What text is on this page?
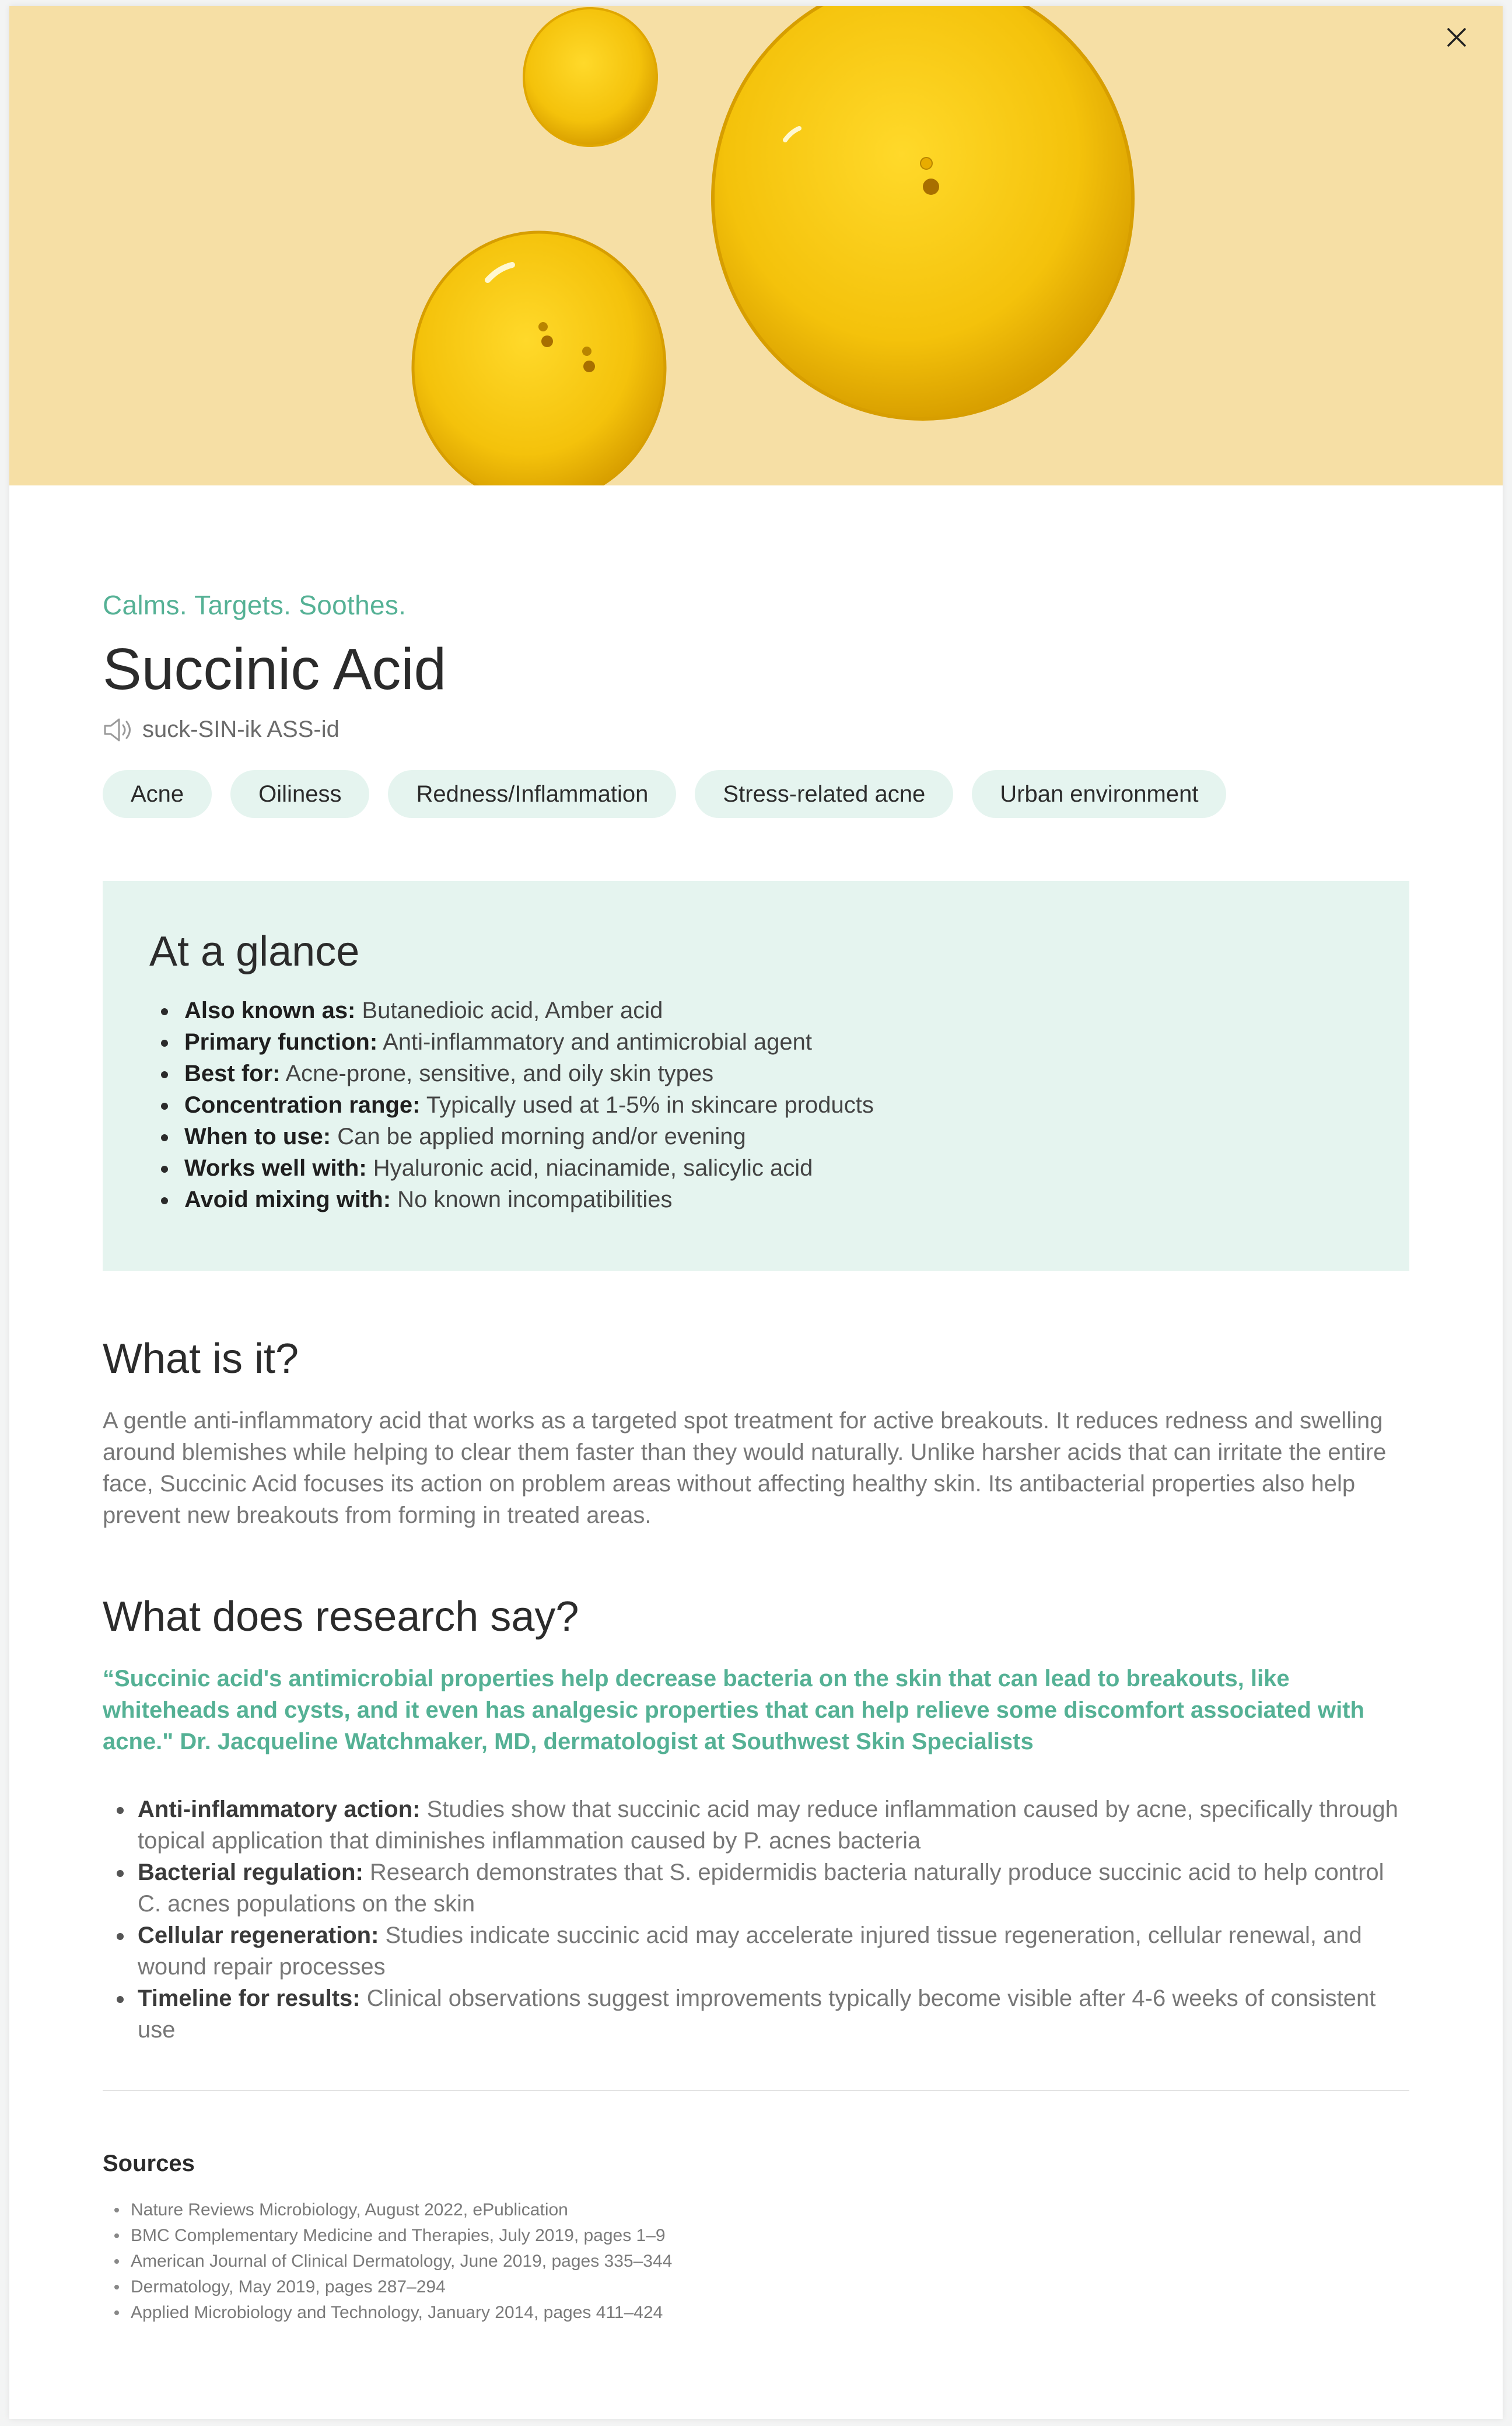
Calms. Targets. Soothes.
Succinic Acid
suck-SIN-ik ASS-id
Acne	Oiliness	Redness/Inflammation	Stress-related acne	Urban environment
At a glance
Also known as: Butanedioic acid, Amber acid
Primary function: Anti-inflammatory and antimicrobial agent
Best for: Acne-prone, sensitive, and oily skin types
Concentration range: Typically used at 1-5% in skincare products
When to use: Can be applied morning and/or evening
Works well with: Hyaluronic acid, niacinamide, salicylic acid
Avoid mixing with: No known incompatibilities
What is it?

A gentle anti-inflammatory acid that works as a targeted spot treatment for active breakouts. It reduces redness and swelling around blemishes while helping to clear them faster than they would naturally. Unlike harsher acids that can irritate the entire face, Succinic Acid focuses its action on problem areas without affecting healthy skin. Its antibacterial properties also help prevent new breakouts from forming in treated areas.

What does research say?

“Succinic acid's antimicrobial properties help decrease bacteria on the skin that can lead to breakouts, like whiteheads and cysts, and it even has analgesic properties that can help relieve some discomfort associated with acne." Dr. Jacqueline Watchmaker, MD, dermatologist at Southwest Skin Specialists

Anti-inflammatory action: Studies show that succinic acid may reduce inflammation caused by acne, specifically through topical application that diminishes inflammation caused by P. acnes bacteria
Bacterial regulation: Research demonstrates that S. epidermidis bacteria naturally produce succinic acid to help control C. acnes populations on the skin
Cellular regeneration: Studies indicate succinic acid may accelerate injured tissue regeneration, cellular renewal, and wound repair processes
Timeline for results: Clinical observations suggest improvements typically become visible after 4-6 weeks of consistent use
Sources
Nature Reviews Microbiology, August 2022, ePublication
BMC Complementary Medicine and Therapies, July 2019, pages 1–9
American Journal of Clinical Dermatology, June 2019, pages 335–344
Dermatology, May 2019, pages 287–294
Applied Microbiology and Technology, January 2014, pages 411–424
